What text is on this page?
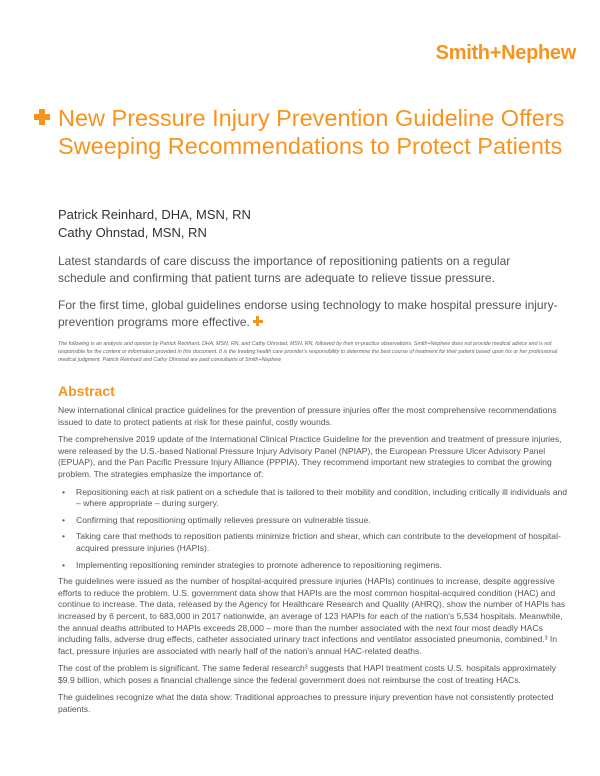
Smith+Nephew
New Pressure Injury Prevention Guideline Offers Sweeping Recommendations to Protect Patients
Patrick Reinhard, DHA, MSN, RN
Cathy Ohnstad, MSN, RN

Latest standards of care discuss the importance of repositioning patients on a regular schedule and confirming that patient turns are adequate to relieve tissue pressure.

For the first time, global guidelines endorse using technology to make hospital pressure injury-prevention programs more effective.

The following is an analysis and opinion by Patrick Reinhard, DHA, MSN, RN, and Cathy Ohnstad, MSN, RN, followed by their in-practice observations. Smith+Nephew does not provide medical advice and is not responsible for the content or information provided in this document. It is the treating health care provider's responsibility to determine the best course of treatment for their patient based upon his or her professional medical judgment. Patrick Reinhard and Cathy Ohnstad are paid consultants of Smith+Nephew
Abstract

New international clinical practice guidelines for the prevention of pressure injuries offer the most comprehensive recommendations issued to date to protect patients at risk for these painful, costly wounds.

The comprehensive 2019 update of the International Clinical Practice Guideline for the prevention and treatment of pressure injuries, were released by the U.S.-based National Pressure Injury Advisory Panel (NPIAP), the European Pressure Ulcer Advisory Panel (EPUAP), and the Pan Pacific Pressure Injury Alliance (PPPIA). They recommend important new strategies to combat the growing problem. The strategies emphasize the importance of:

• Repositioning each at risk patient on a schedule that is tailored to their mobility and condition, including critically ill individuals and – where appropriate – during surgery.
• Confirming that repositioning optimally relieves pressure on vulnerable tissue.
• Taking care that methods to reposition patients minimize friction and shear, which can contribute to the development of hospital-acquired pressure injuries (HAPIs).
• Implementing repositioning reminder strategies to promote adherence to repositioning regimens.

The guidelines were issued as the number of hospital-acquired pressure injuries (HAPIs) continues to increase, despite aggressive efforts to reduce the problem. U.S. government data show that HAPIs are the most common hospital-acquired condition (HAC) and continue to increase. The data, released by the Agency for Healthcare Research and Quality (AHRQ), show the number of HAPIs has increased by 6 percent, to 683,000 in 2017 nationwide, an average of 123 HAPIs for each of the nation's 5,534 hospitals. Meanwhile, the annual deaths attributed to HAPIs exceeds 28,000 – more than the number associated with the next four most deadly HACs including falls, adverse drug effects, catheter associated urinary tract infections and ventilator associated pneumonia, combined.³ In fact, pressure injuries are associated with nearly half of the nation's annual HAC-related deaths.

The cost of the problem is significant. The same federal research³ suggests that HAPI treatment costs U.S. hospitals approximately $9.9 billion, which poses a financial challenge since the federal government does not reimburse the cost of treating HACs.

The guidelines recognize what the data show: Traditional approaches to pressure injury prevention have not consistently protected patients.
